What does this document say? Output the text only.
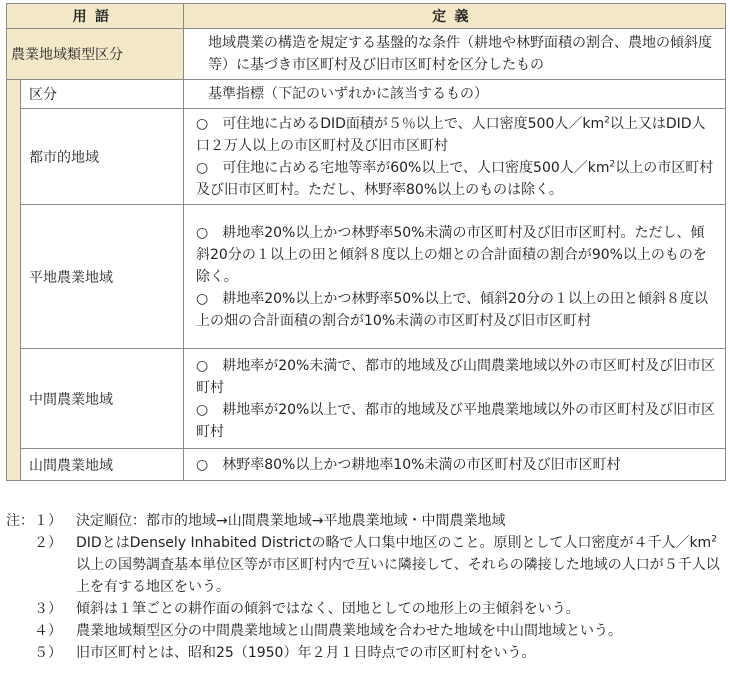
用語		定義
農業地域類型区分		地域農業の構造を規定する基盤的な条件（耕地や林野面積の割合、農地の傾斜度等）に基づき市区町村及び旧市区町村を区分したもの
	区分	基準指標（下記のいずれかに該当するもの）
	都市的地域	○　可住地に占めるDID面積が５％以上で、人口密度500人$/km^2$以上又はDID人口２万人以上の市区町村及び旧市区町村
○　可住地に占める宅地等率が60%以上で、人口密度500人$/km^2$以上の市区町村及び旧市区町村。ただし、林野率80%以上のものは除く。

	平地農業地域	○　耕地率20%以上かつ林野率50%未満の市区町村及び旧市区町村。ただし、傾斜20分の１以上の田と傾斜８度以上の畑との合計面積の割合が90%以上のものを除く。
○　耕地率20%以上かつ林野率50%以上で、傾斜20分の１以上の田と傾斜８度以上の畑の合計面積の割合が10%未満の市区町村及び旧市区町村

	中間農業地域	○　耕地率が20%未満で、都市的地域及び山間農業地域以外の市区町村及び旧市区町村
○　耕地率が20%以上で、都市的地域及び平地農業地域以外の市区町村及び旧市区町村

	山間農業地域	○　林野率80%以上かつ耕地率10%未満の市区町村及び旧市区町村
注：１）	決定順位：都市的地域→山間農業地域→平地農業地域・中間農業地域
２）	DIDとはDensely Inhabited Districtの略で人口集中地区のこと。原則として人口密度が４千人$/km^2$以上の国勢調査基本単位区等が市区町村内で互いに隣接して、それらの隣接した地域の人口が５千人以上を有する地区をいう。
３）	傾斜は１筆ごとの耕作面の傾斜ではなく、団地としての地形上の主傾斜をいう。
４）	農業地域類型区分の中間農業地域と山間農業地域を合わせた地域を中山間地域という。
５）	旧市区町村とは、昭和25（1950）年２月１日時点での市区町村をいう。
